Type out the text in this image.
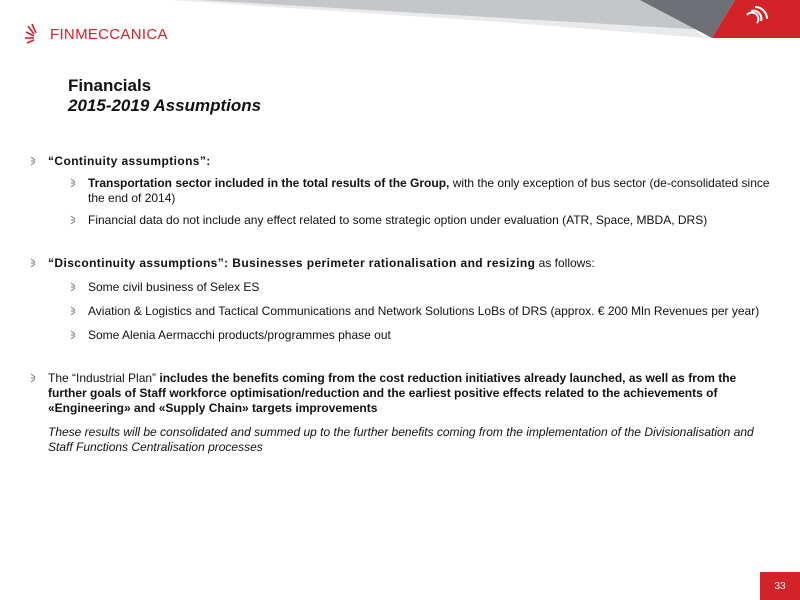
FINMECCANICA
Financials
2015-2019 Assumptions
“Continuity assumptions”:
Transportation sector included in the total results of the Group, with the only exception of bus sector (de-consolidated since the end of 2014)
Financial data do not include any effect related to some strategic option under evaluation (ATR, Space, MBDA, DRS)
“Discontinuity assumptions”: Businesses perimeter rationalisation and resizing as follows:
Some civil business of Selex ES
Aviation & Logistics and Tactical Communications and Network Solutions LoBs of DRS (approx. € 200 Mln Revenues per year)
Some Alenia Aermacchi products/programmes phase out
The “Industrial Plan” includes the benefits coming from the cost reduction initiatives already launched, as well as from the further goals of Staff workforce optimisation/reduction and the earliest positive effects related to the achievements of «Engineering» and «Supply Chain» targets improvements
These results will be consolidated and summed up to the further benefits coming from the implementation of the Divisionalisation and Staff Functions Centralisation processes
33
